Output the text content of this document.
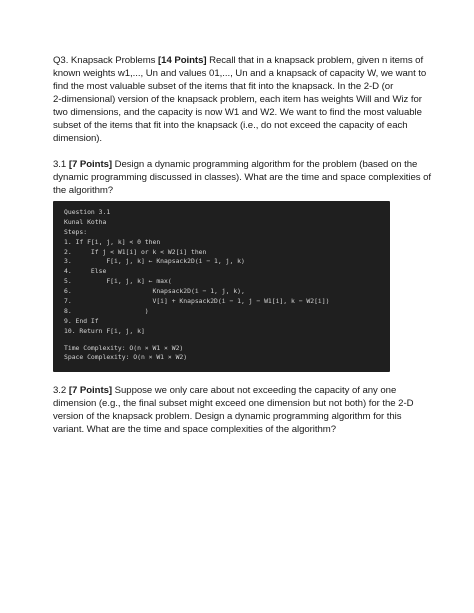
Q3. Knapsack Problems [14 Points] Recall that in a knapsack problem, given n items of
known weights w1,..., Un and values 01,..., Un and a knapsack of capacity W, we want to
find the most valuable subset of the items that fit into the knapsack. In the 2-D (or
2-dimensional) version of the knapsack problem, each item has weights Will and Wiz for
two dimensions, and the capacity is now W1 and W2. We want to find the most valuable
subset of the items that fit into the knapsack (i.e., do not exceed the capacity of each
dimension).
3.1 [7 Points] Design a dynamic programming algorithm for the problem (based on the
dynamic programming discussed in classes). What are the time and space complexities of
the algorithm?
Question 3.1
Kunal Kotha
Steps:
1. If F[i, j, k] < 0 then
2.     If j < W1[i] or k < W2[i] then
3.         F[i, j, k] ← Knapsack2D(i − 1, j, k)
4.     Else
5.         F[i, j, k] ← max(
6.                     Knapsack2D(i − 1, j, k),
7.                     V[i] + Knapsack2D(i − 1, j − W1[i], k − W2[i])
8.                   )
9. End If
10. Return F[i, j, k]
Time Complexity: O(n × W1 × W2)
Space Complexity: O(n × W1 × W2)
3.2 [7 Points] Suppose we only care about not exceeding the capacity of any one
dimension (e.g., the final subset might exceed one dimension but not both) for the 2-D
version of the knapsack problem. Design a dynamic programming algorithm for this
variant. What are the time and space complexities of the algorithm?
